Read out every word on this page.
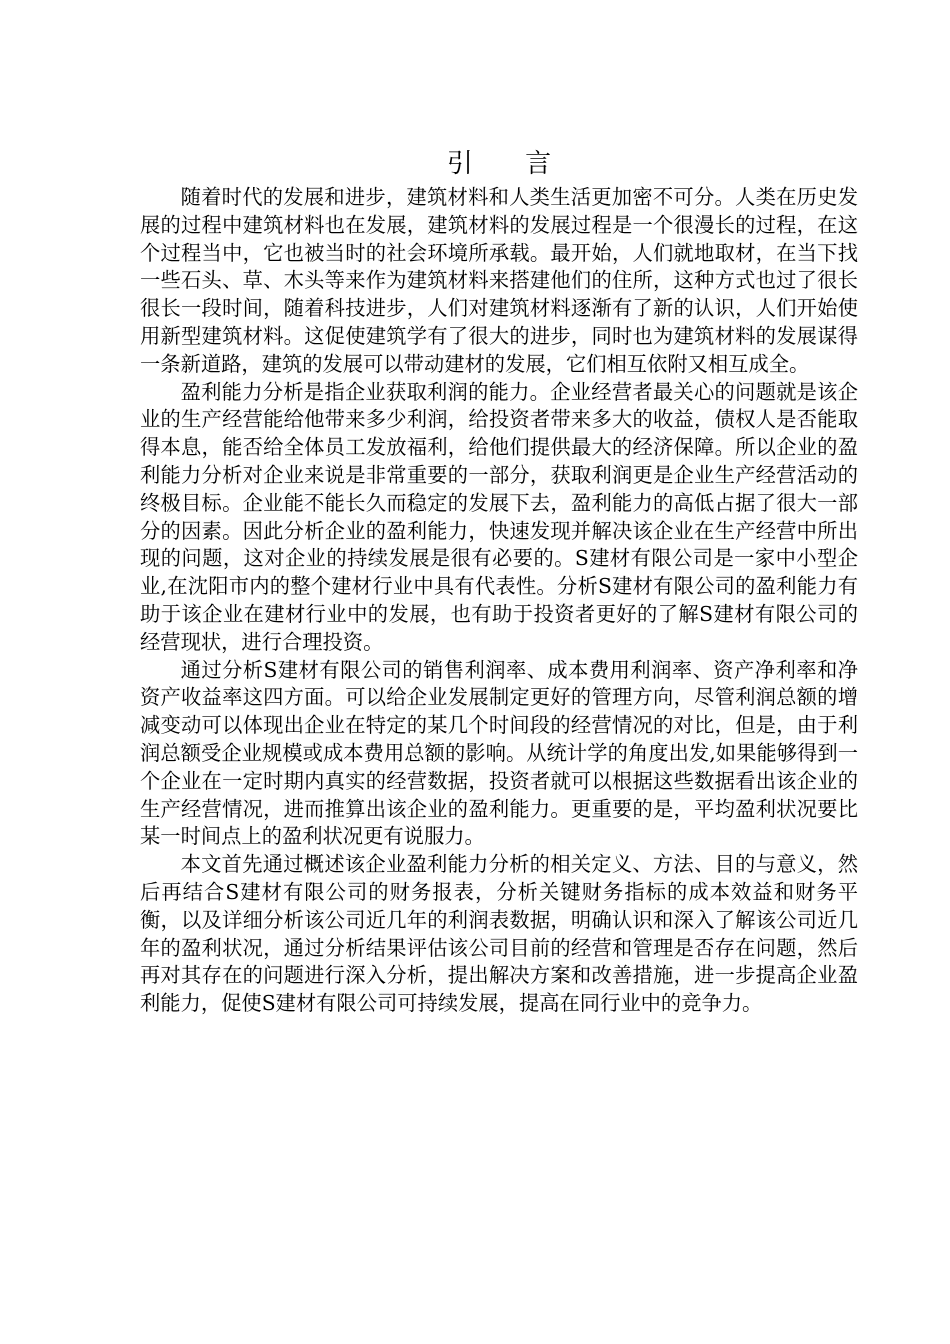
引 言

随着时代的发展和进步，建筑材料和人类生活更加密不可分。人类在历史发展的过程中建筑材料也在发展，建筑材料的发展过程是一个很漫长的过程，在这个过程当中，它也被当时的社会环境所承载。最开始，人们就地取材，在当下找一些石头、草、木头等来作为建筑材料来搭建他们的住所，这种方式也过了很长很长一段时间，随着科技进步，人们对建筑材料逐渐有了新的认识，人们开始使用新型建筑材料。这促使建筑学有了很大的进步，同时也为建筑材料的发展谋得一条新道路，建筑的发展可以带动建材的发展，它们相互依附又相互成全。

盈利能力分析是指企业获取利润的能力。企业经营者最关心的问题就是该企业的生产经营能给他带来多少利润，给投资者带来多大的收益，债权人是否能取得本息，能否给全体员工发放福利，给他们提供最大的经济保障。所以企业的盈利能力分析对企业来说是非常重要的一部分，获取利润更是企业生产经营活动的终极目标。企业能不能长久而稳定的发展下去，盈利能力的高低占据了很大一部分的因素。因此分析企业的盈利能力，快速发现并解决该企业在生产经营中所出现的问题，这对企业的持续发展是很有必要的。S建材有限公司是一家中小型企业,在沈阳市内的整个建材行业中具有代表性。分析S建材有限公司的盈利能力有助于该企业在建材行业中的发展，也有助于投资者更好的了解S建材有限公司的经营现状，进行合理投资。

通过分析S建材有限公司的销售利润率、成本费用利润率、资产净利率和净资产收益率这四方面。可以给企业发展制定更好的管理方向，尽管利润总额的增减变动可以体现出企业在特定的某几个时间段的经营情况的对比，但是，由于利润总额受企业规模或成本费用总额的影响。从统计学的角度出发,如果能够得到一个企业在一定时期内真实的经营数据，投资者就可以根据这些数据看出该企业的生产经营情况，进而推算出该企业的盈利能力。更重要的是，平均盈利状况要比某一时间点上的盈利状况更有说服力。

本文首先通过概述该企业盈利能力分析的相关定义、方法、目的与意义，然后再结合S建材有限公司的财务报表，分析关键财务指标的成本效益和财务平衡，以及详细分析该公司近几年的利润表数据，明确认识和深入了解该公司近几年的盈利状况，通过分析结果评估该公司目前的经营和管理是否存在问题，然后再对其存在的问题进行深入分析，提出解决方案和改善措施，进一步提高企业盈利能力，促使S建材有限公司可持续发展，提高在同行业中的竞争力。
